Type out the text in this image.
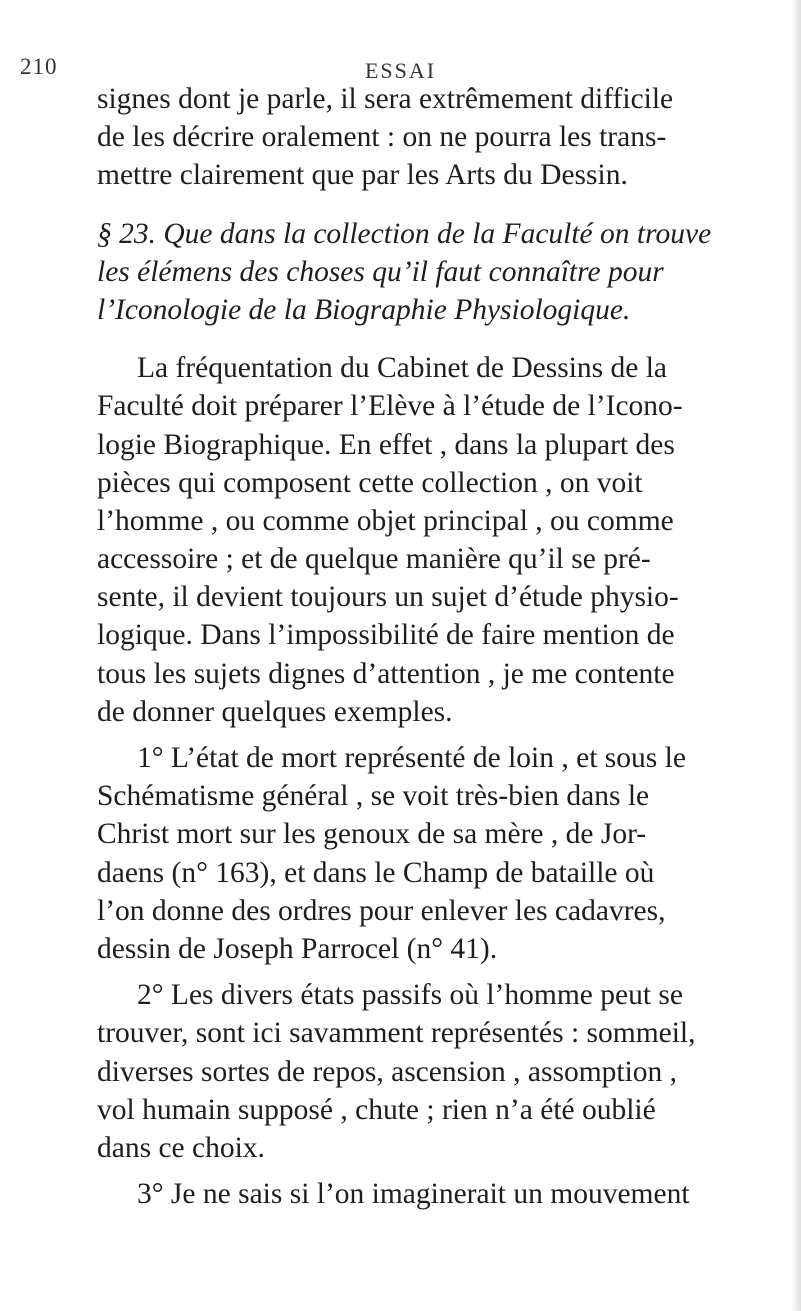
210	ESSAI
signes dont je parle, il sera extrêmement difficile
de les décrire oralement : on ne pourra les trans-
mettre clairement que par les Arts du Dessin.
§ 23. Que dans la collection de la Faculté on trouve
les élémens des choses qu’il faut connaître pour
l’Iconologie de la Biographie Physiologique.
La fréquentation du Cabinet de Dessins de la
Faculté doit préparer l’Elève à l’étude de l’Icono-
logie Biographique. En effet , dans la plupart des
pièces qui composent cette collection , on voit
l’homme , ou comme objet principal , ou comme
accessoire ; et de quelque manière qu’il se pré-
sente, il devient toujours un sujet d’étude physio-
logique. Dans l’impossibilité de faire mention de
tous les sujets dignes d’attention , je me contente
de donner quelques exemples.
1° L’état de mort représenté de loin , et sous le
Schématisme général , se voit très-bien dans le
Christ mort sur les genoux de sa mère , de Jor-
daens (n° 163), et dans le Champ de bataille où
l’on donne des ordres pour enlever les cadavres,
dessin de Joseph Parrocel (n° 41).
2° Les divers états passifs où l’homme peut se
trouver, sont ici savamment représentés : sommeil,
diverses sortes de repos, ascension , assomption ,
vol humain supposé , chute ; rien n’a été oublié
dans ce choix.
3° Je ne sais si l’on imaginerait un mouvement
